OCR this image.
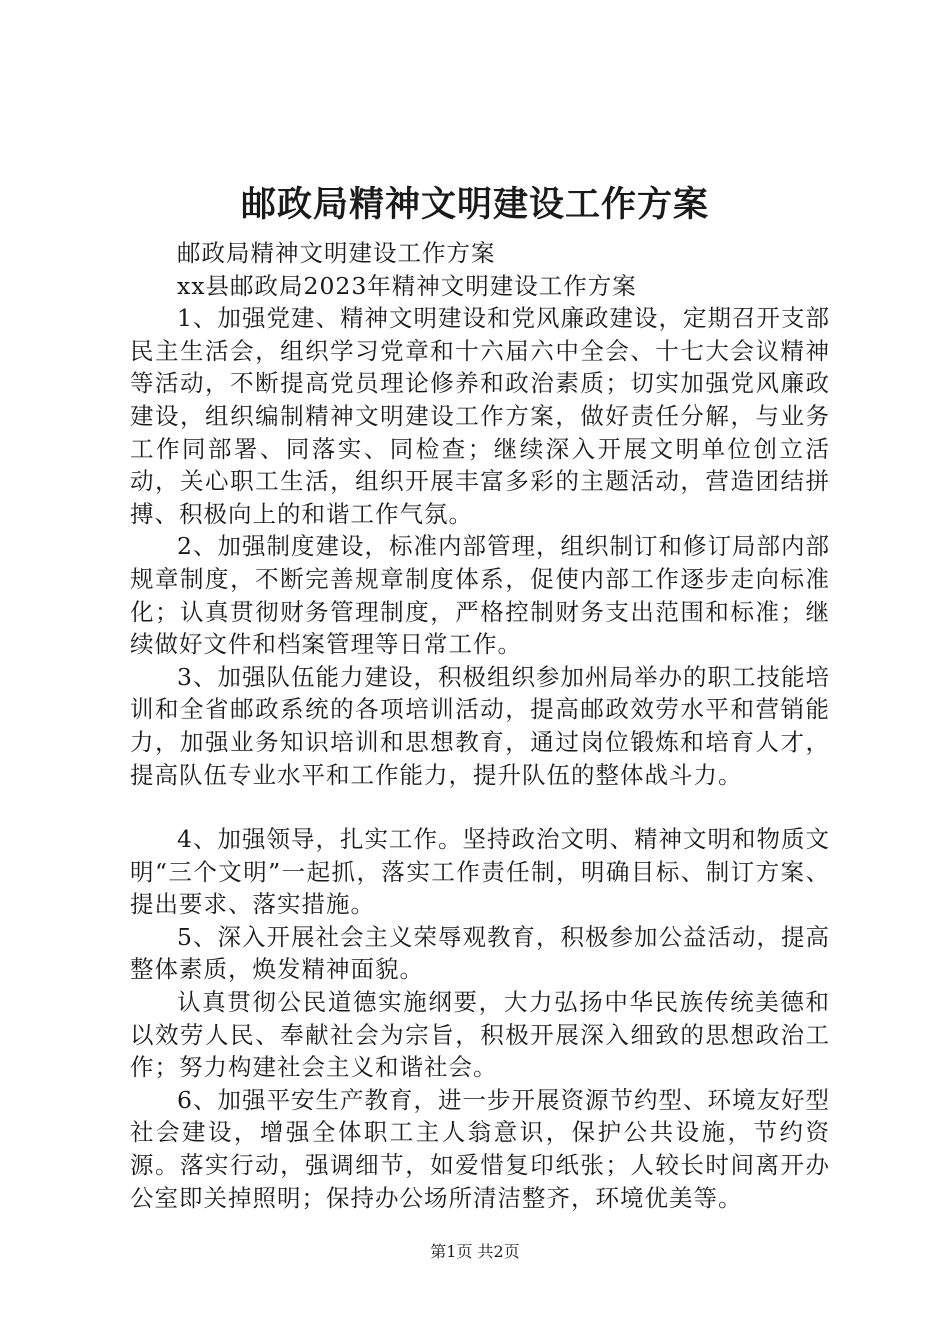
邮政局精神文明建设工作方案

邮政局精神文明建设工作方案

xx县邮政局2023年精神文明建设工作方案

1、加强党建、精神文明建设和党风廉政建设，定期召开支部民主生活会，组织学习党章和十六届六中全会、十七大会议精神等活动，不断提高党员理论修养和政治素质；切实加强党风廉政建设，组织编制精神文明建设工作方案，做好责任分解，与业务工作同部署、同落实、同检查；继续深入开展文明单位创立活动，关心职工生活，组织开展丰富多彩的主题活动，营造团结拼搏、积极向上的和谐工作气氛。

2、加强制度建设，标准内部管理，组织制订和修订局部内部规章制度，不断完善规章制度体系，促使内部工作逐步走向标准化；认真贯彻财务管理制度，严格控制财务支出范围和标准；继续做好文件和档案管理等日常工作。

3、加强队伍能力建设，积极组织参加州局举办的职工技能培训和全省邮政系统的各项培训活动，提高邮政效劳水平和营销能力，加强业务知识培训和思想教育，通过岗位锻炼和培育人才，提高队伍专业水平和工作能力，提升队伍的整体战斗力。

4、加强领导，扎实工作。坚持政治文明、精神文明和物质文明“三个文明”一起抓，落实工作责任制，明确目标、制订方案、提出要求、落实措施。

5、深入开展社会主义荣辱观教育，积极参加公益活动，提高整体素质，焕发精神面貌。

认真贯彻公民道德实施纲要，大力弘扬中华民族传统美德和以效劳人民、奉献社会为宗旨，积极开展深入细致的思想政治工作；努力构建社会主义和谐社会。

6、加强平安生产教育，进一步开展资源节约型、环境友好型社会建设，增强全体职工主人翁意识，保护公共设施，节约资源。落实行动，强调细节，如爱惜复印纸张；人较长时间离开办公室即关掉照明；保持办公场所清洁整齐，环境优美等。

第1页 共2页
